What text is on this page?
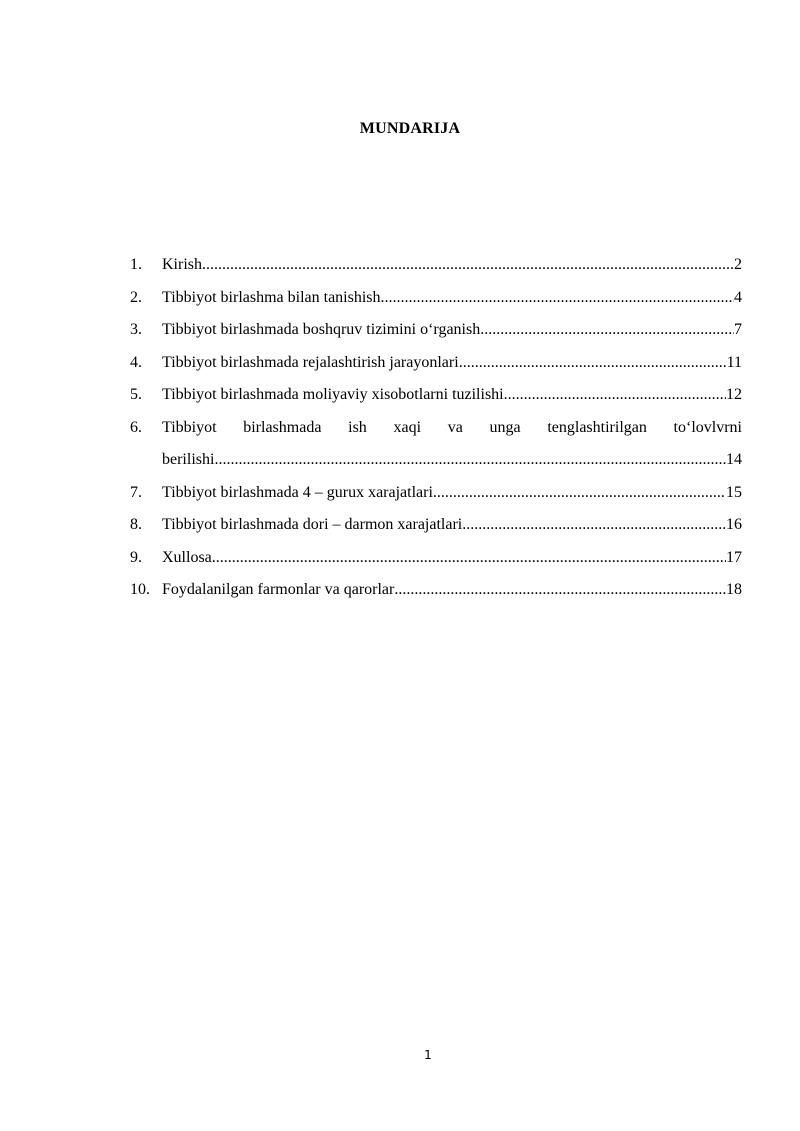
MUNDARIJA
1. Kirish .....	2
2. Tibbiyot birlashma bilan tanishish .....	4
3. Tibbiyot birlashmada boshqruv tizimini o‘rganish .....	7
4. Tibbiyot birlashmada rejalashtirish jarayonlari .....	11
5. Tibbiyot birlashmada moliyaviy xisobotlarni tuzilishi .....	12
6. Tibbiyot birlashmada ish xaqi va unga tenglashtirilgan to‘lovlvrni
berilishi .....	14
7. Tibbiyot birlashmada 4 – gurux xarajatlari .....	15
8. Tibbiyot birlashmada dori – darmon xarajatlari .....	16
9. Xullosa .....	17
10. Foydalanilgan farmonlar va qarorlar .....	18
1
